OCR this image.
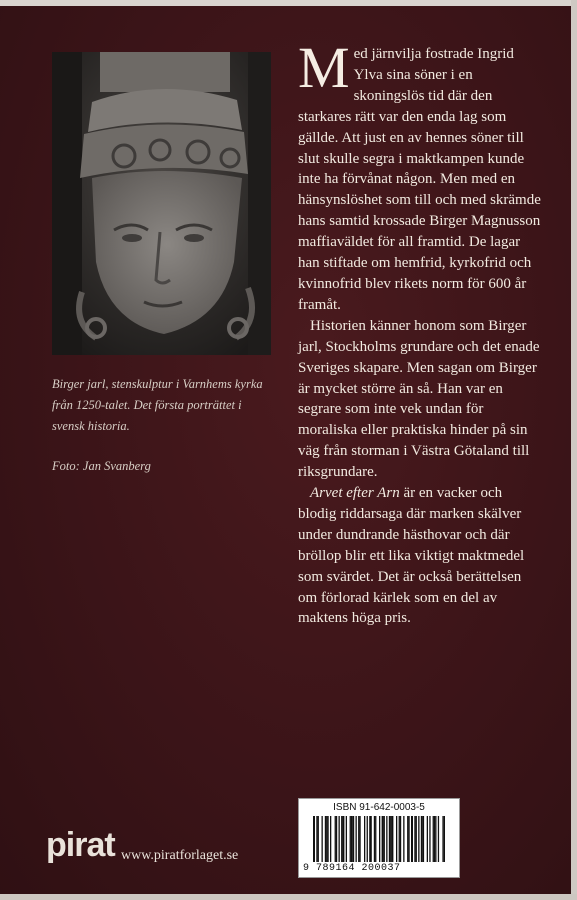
Birger jarl, stenskulptur i Varnhems kyrka från 1250-talet. Det första porträttet i svensk historia.

Foto: Jan Svanberg

Med järnvilja fostrade Ingrid Ylva sina söner i en skoningslös tid där den starkares rätt var den enda lag som gällde. Att just en av hennes söner till slut skulle segra i maktkampen kunde inte ha förvånat någon. Men med en hänsynslöshet som till och med skrämde hans samtid krossade Birger Magnusson maffiaväldet för all framtid. De lagar han stiftade om hemfrid, kyrkofrid och kvinnofrid blev rikets norm för 600 år framåt.

Historien känner honom som Birger jarl, Stockholms grundare och det enade Sveriges skapare. Men sagan om Birger är mycket större än så. Han var en segrare som inte vek undan för moraliska eller praktiska hinder på sin väg från storman i Västra Götaland till riksgrundare.

Arvet efter Arn är en vacker och blodig riddarsaga där marken skälver under dundrande hästhovar och där bröllop blir ett lika viktigt maktmedel som svärdet. Det är också berättelsen om förlorad kärlek som en del av maktens höga pris.

ISBN 91-642-0003-5
9 789164 200037
pirat www.piratforlaget.se
